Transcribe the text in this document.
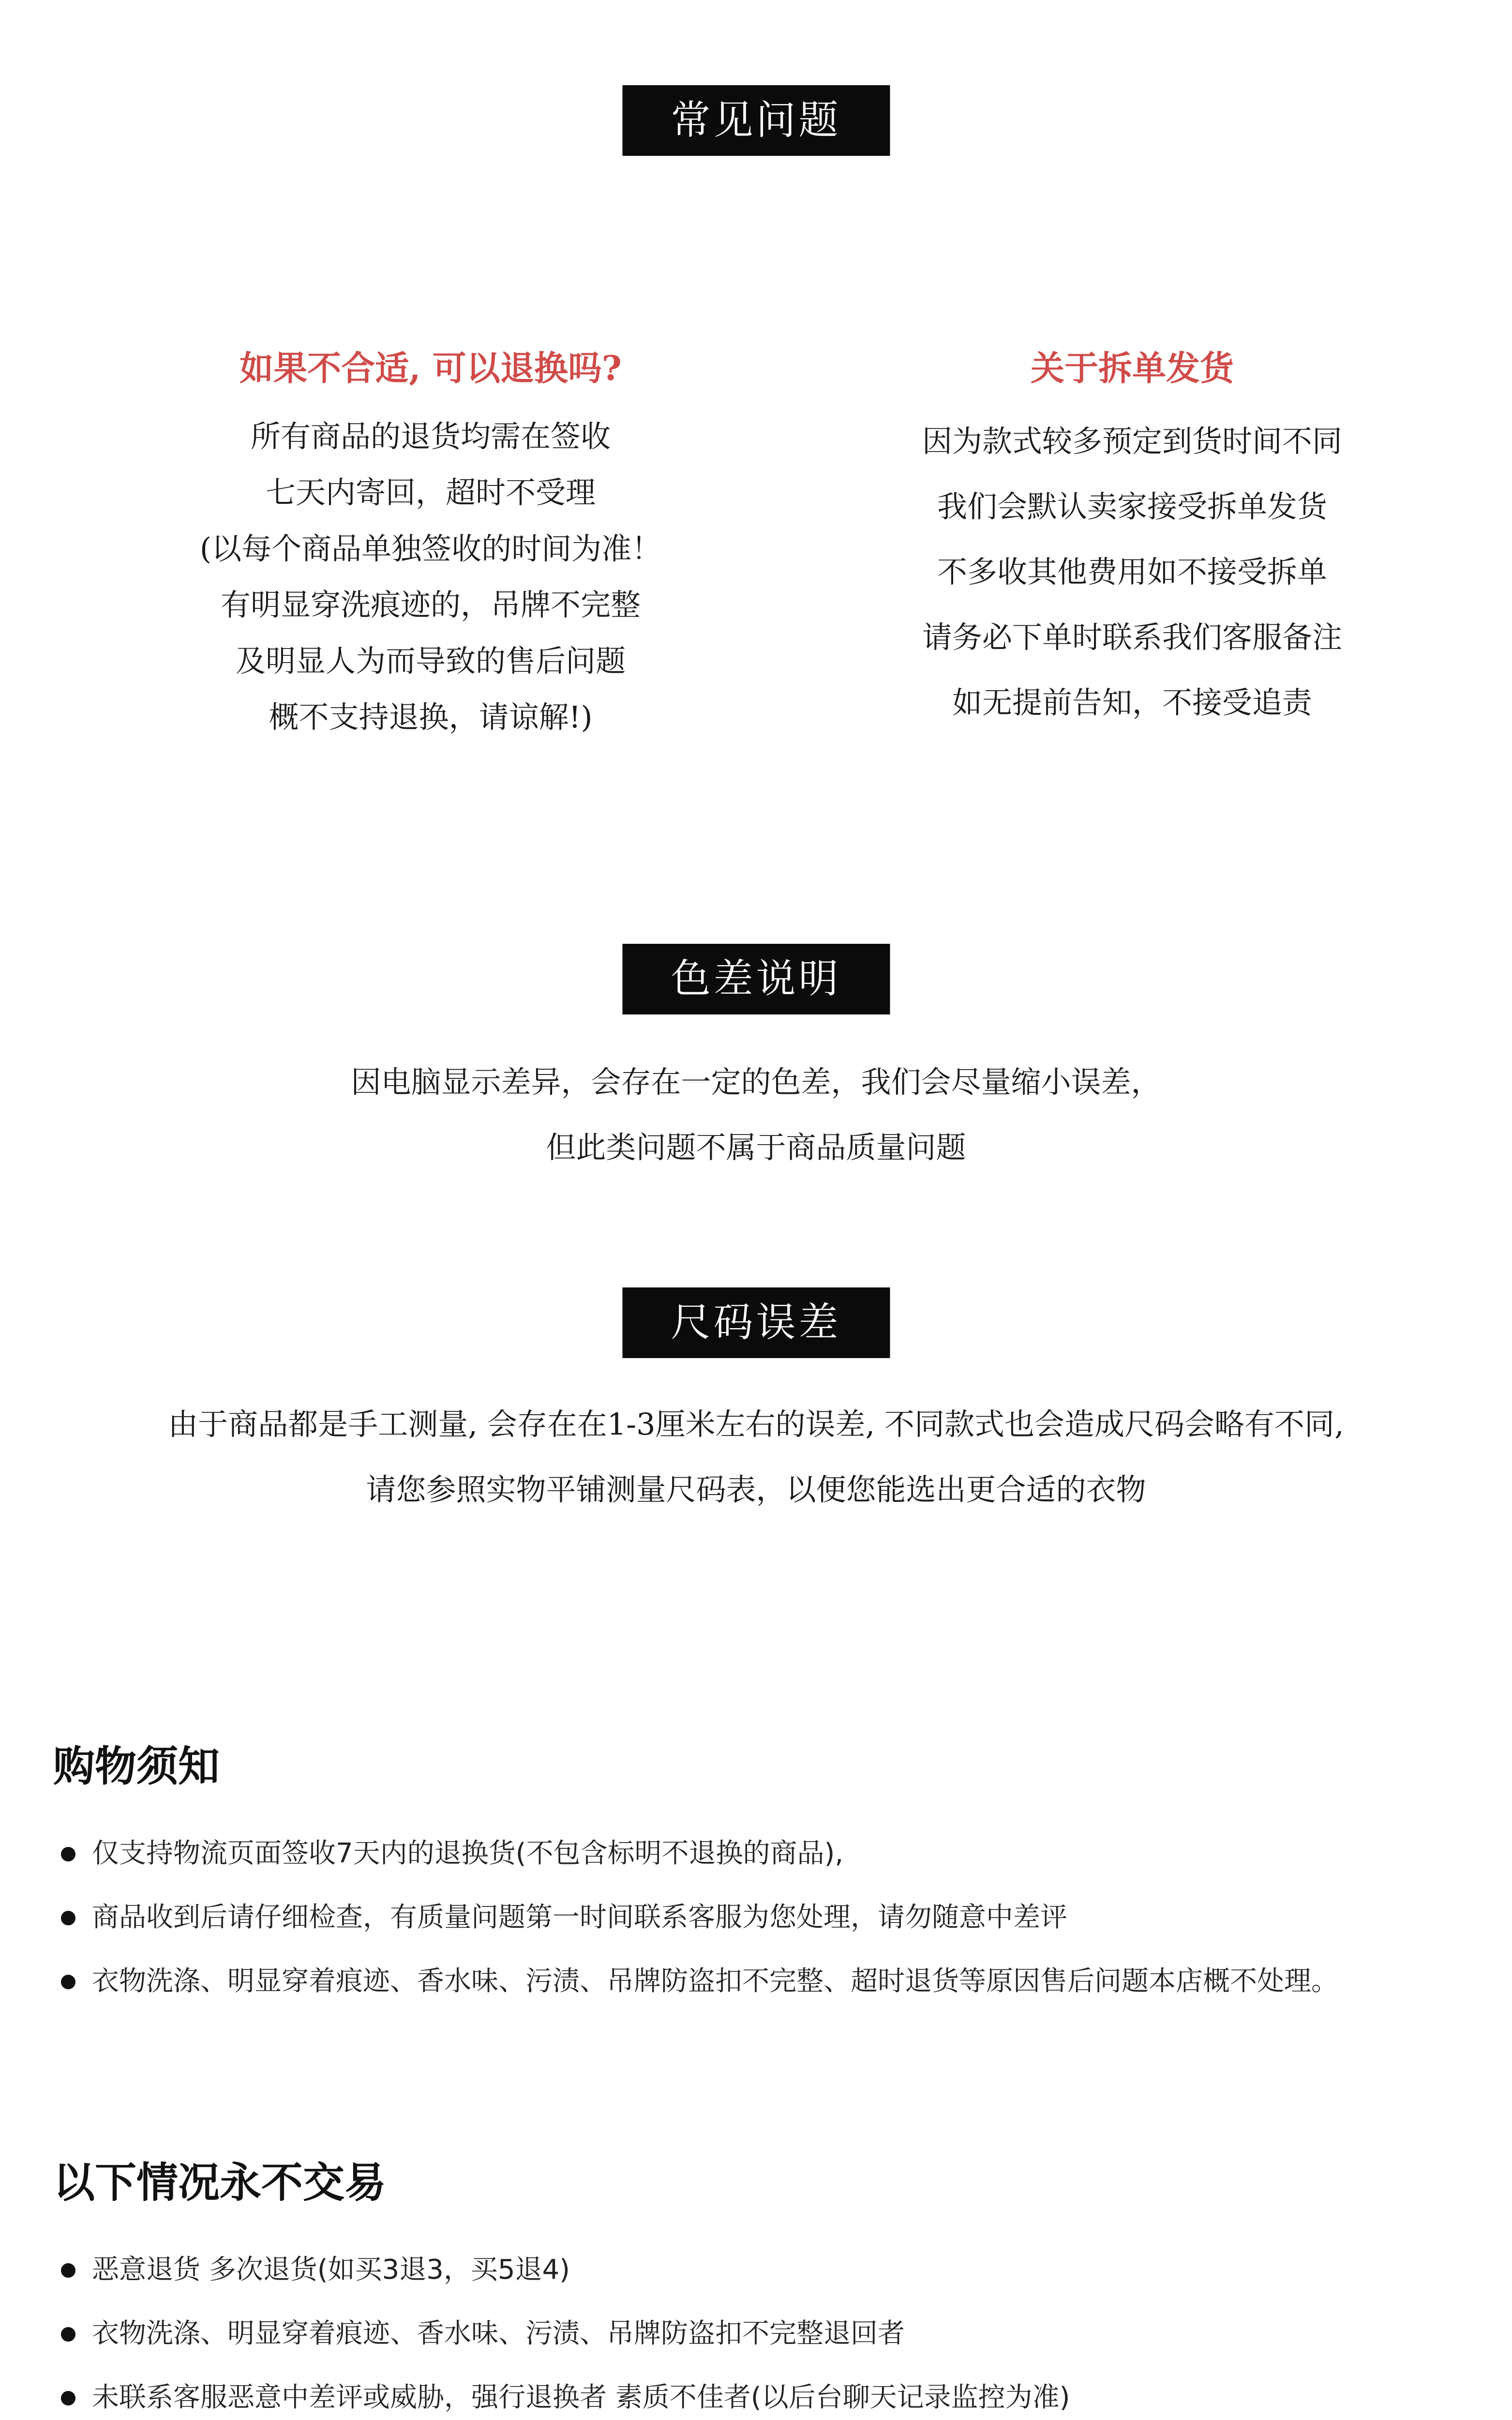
常见问题
如果不合适, 可以退换吗?
所有商品的退货均需在签收
七天内寄回，超时不受理
(以每个商品单独签收的时间为准！
有明显穿洗痕迹的，吊牌不完整
及明显人为而导致的售后问题
概不支持退换，请谅解!)
关于拆单发货
因为款式较多预定到货时间不同
我们会默认卖家接受拆单发货
不多收其他费用如不接受拆单
请务必下单时联系我们客服备注
如无提前告知，不接受追责
色差说明
因电脑显示差异，会存在一定的色差，我们会尽量缩小误差，
但此类问题不属于商品质量问题
尺码误差
由于商品都是手工测量, 会存在在1-3厘米左右的误差, 不同款式也会造成尺码会略有不同,
请您参照实物平铺测量尺码表，以便您能选出更合适的衣物
购物须知
仅支持物流页面签收7天内的退换货(不包含标明不退换的商品),
商品收到后请仔细检查，有质量问题第一时间联系客服为您处理，请勿随意中差评
衣物洗涤、明显穿着痕迹、香水味、污渍、吊牌防盗扣不完整、超时退货等原因售后问题本店概不处理。
以下情况永不交易
恶意退货 多次退货(如买3退3，买5退4)
衣物洗涤、明显穿着痕迹、香水味、污渍、吊牌防盗扣不完整退回者
未联系客服恶意中差评或威胁，强行退换者 素质不佳者(以后台聊天记录监控为准)
